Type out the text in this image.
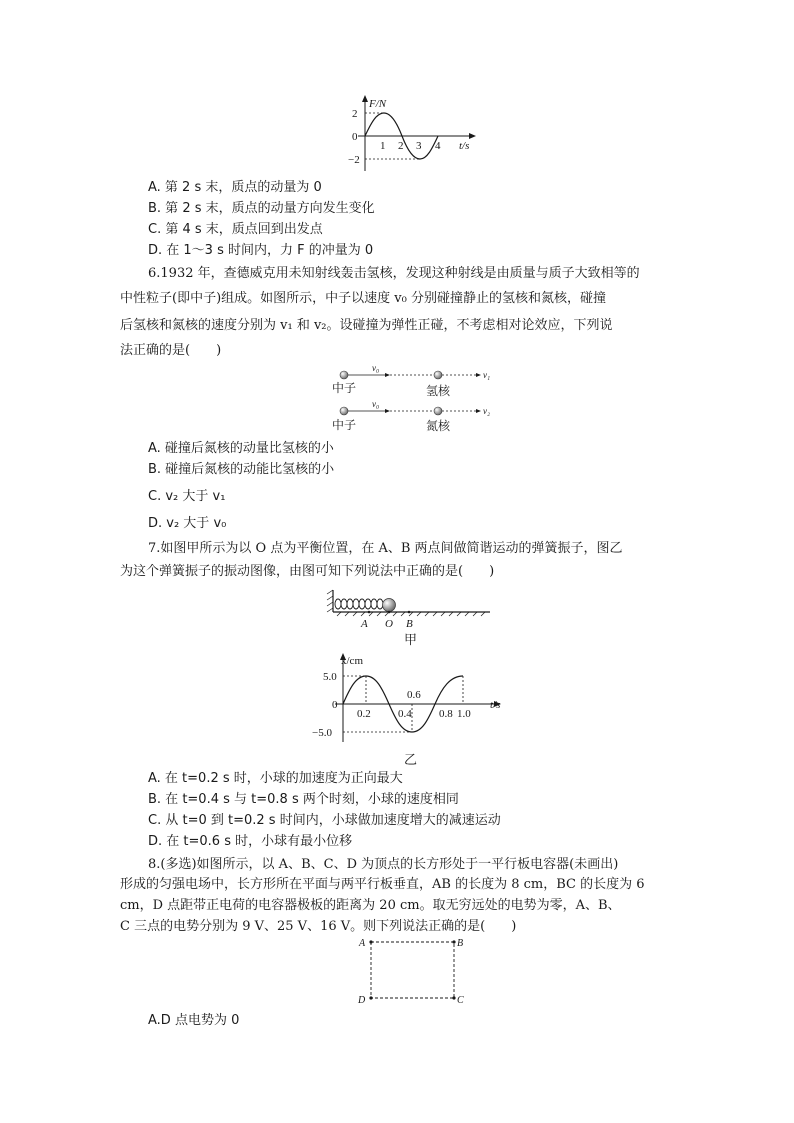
2
0
−2
1 2 3 4
F/N
t/s
A. 第 2 s 末，质点的动量为 0
B. 第 2 s 末，质点的动量方向发生变化
C. 第 4 s 末，质点回到出发点
D. 在 1～3 s 时间内，力 F 的冲量为 0
6.1932 年，查德威克用未知射线轰击氢核，发现这种射线是由质量与质子大致相等的
中性粒子(即中子)组成。如图所示，中子以速度 v₀ 分别碰撞静止的氢核和氮核，碰撞
后氢核和氮核的速度分别为 v₁ 和 v₂。设碰撞为弹性正碰，不考虑相对论效应，下列说
法正确的是(　　)
v₀
v₁
中子	氢核
v₀
v₂
中子	氮核
A. 碰撞后氮核的动量比氢核的小
B. 碰撞后氮核的动能比氢核的小
C. v₂ 大于 v₁
D. v₂ 大于 v₀
7.如图甲所示为以 O 点为平衡位置，在 A、B 两点间做简谐运动的弹簧振子，图乙
为这个弹簧振子的振动图像，由图可知下列说法中正确的是(　　)
A O B
甲
5.0
0
−5.0
0.2 0.4
0.6
0.8 1.0
x/cm
t/s
乙
A. 在 t=0.2 s 时，小球的加速度为正向最大
B. 在 t=0.4 s 与 t=0.8 s 两个时刻，小球的速度相同
C. 从 t=0 到 t=0.2 s 时间内，小球做加速度增大的减速运动
D. 在 t=0.6 s 时，小球有最小位移
8.(多选)如图所示，以 A、B、C、D 为顶点的长方形处于一平行板电容器(未画出)
形成的匀强电场中，长方形所在平面与两平行板垂直，AB 的长度为 8 cm，BC 的长度为 6
cm，D 点距带正电荷的电容器极板的距离为 20 cm。取无穷远处的电势为零，A、B、
C 三点的电势分别为 9 V、25 V、16 V。则下列说法正确的是(　　)
A	B
C
D
A.D 点电势为 0
